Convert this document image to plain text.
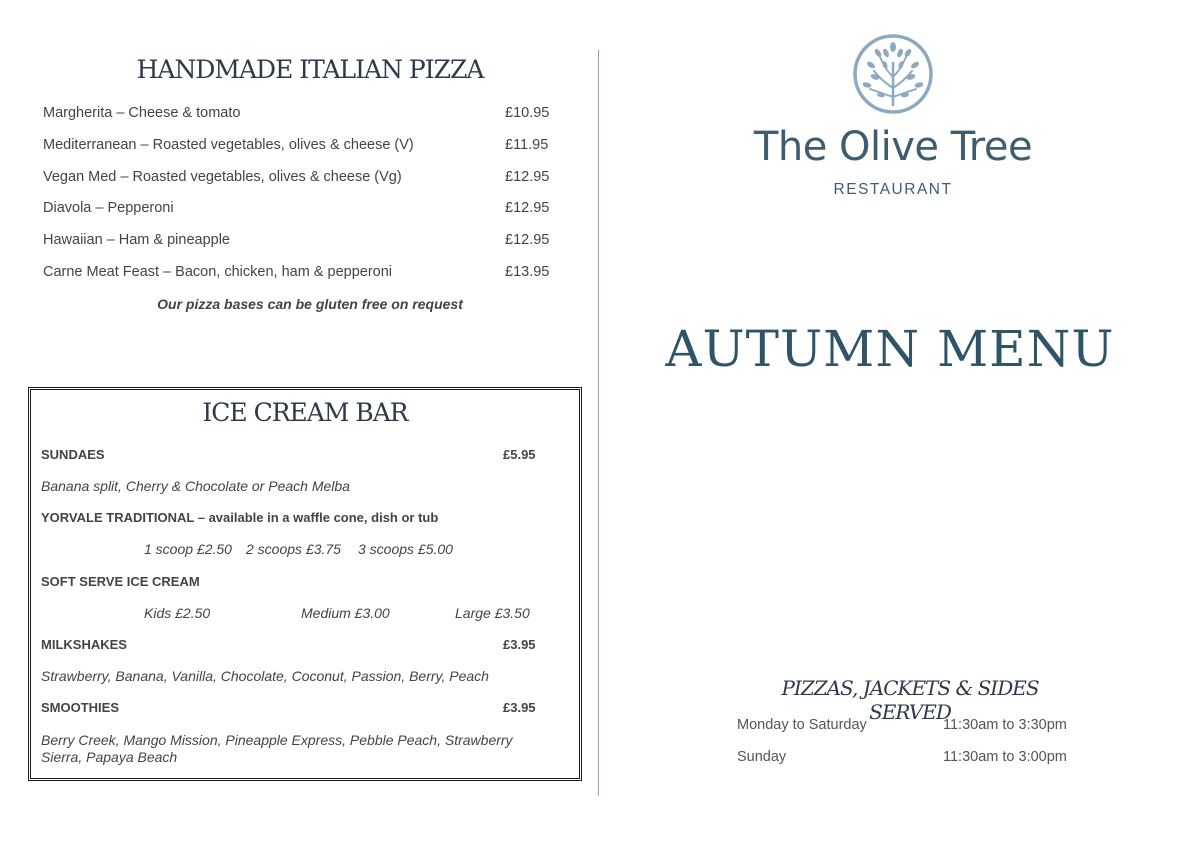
HANDMADE ITALIAN PIZZA
Margherita – Cheese & tomato	£10.95
Mediterranean – Roasted vegetables, olives & cheese (V)	£11.95
Vegan Med – Roasted vegetables, olives & cheese (Vg)	£12.95
Diavola – Pepperoni	£12.95
Hawaiian – Ham & pineapple	£12.95
Carne Meat Feast – Bacon, chicken, ham & pepperoni	£13.95
Our pizza bases can be gluten free on request
ICE CREAM BAR
SUNDAES	£5.95
Banana split, Cherry & Chocolate or Peach Melba
YORVALE TRADITIONAL – available in a waffle cone, dish or tub
1 scoop £2.50 2 scoops £3.75 3 scoops £5.00
SOFT SERVE ICE CREAM
Kids £2.50	Medium £3.00	Large £3.50
MILKSHAKES	£3.95
Strawberry, Banana, Vanilla, Chocolate, Coconut, Passion, Berry, Peach
SMOOTHIES	£3.95
Berry Creek, Mango Mission, Pineapple Express, Pebble Peach, Strawberry
Sierra, Papaya Beach
The Olive Tree
RESTAURANT
AUTUMN MENU
PIZZAS, JACKETS & SIDES SERVED
Monday to Saturday	11:30am to 3:30pm
Sunday	11:30am to 3:00pm
